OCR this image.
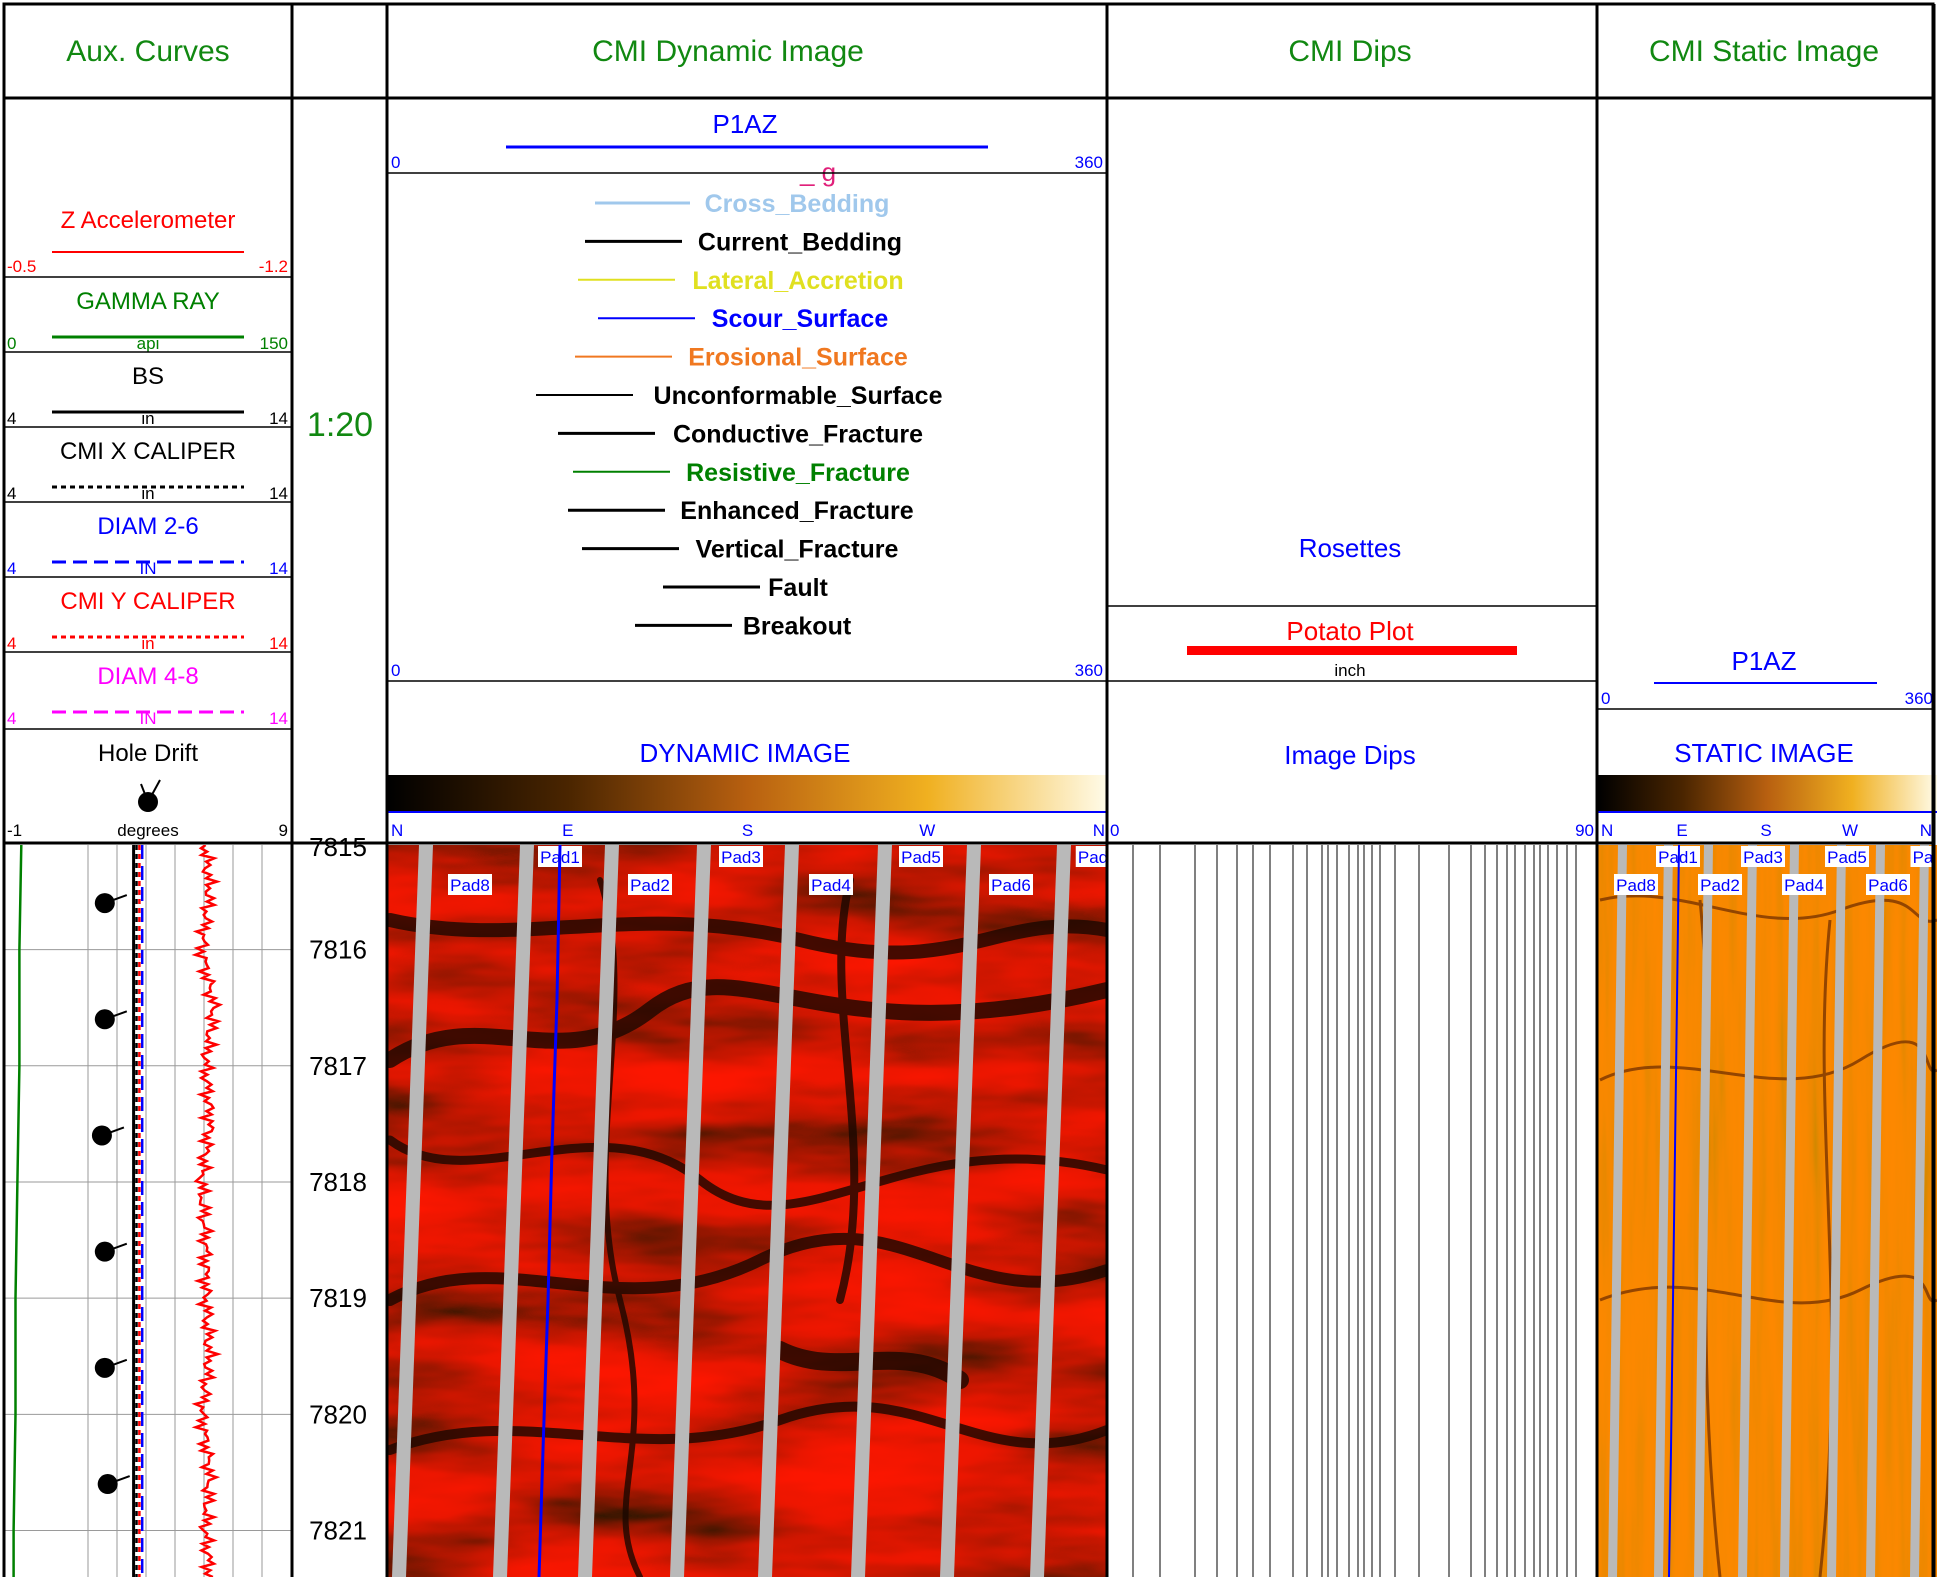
Aux. Curves
Z Accelerometer
-0.5	-1.2
GAMMA RAY
0	150
api
BS
4	14
in
CMI X CALIPER
4	14
in
DIAM 2-6
4	14
IN
CMI Y CALIPER
4	14
in
DIAM 4-8
4	14
IN
Hole Drift
-1	degrees	9
1:20
CMI Dynamic Image
P1AZ
0	360
_ g
Cross_Bedding
Current_Bedding
Lateral_Accretion
Scour_Surface
Erosional_Surface
Unconformable_Surface
Conductive_Fracture
Resistive_Fracture
Enhanced_Fracture
Vertical_Fracture
Fault
Breakout
0	360
DYNAMIC IMAGE
N	E	S	W	N
CMI Dips
Rosettes
Potato Plot
inch
Image Dips
0	90
CMI Static Image
P1AZ
0	360
STATIC IMAGE
N	E	S	W	N
Pad8
Pad1
Pad2
Pad3
Pad4
Pad5
Pad6
Pad
Pad8
Pad1
Pad2
Pad3
Pad4
Pad5
Pad6
Pa
7815
7816
7817
7818
7819
7820
7821
